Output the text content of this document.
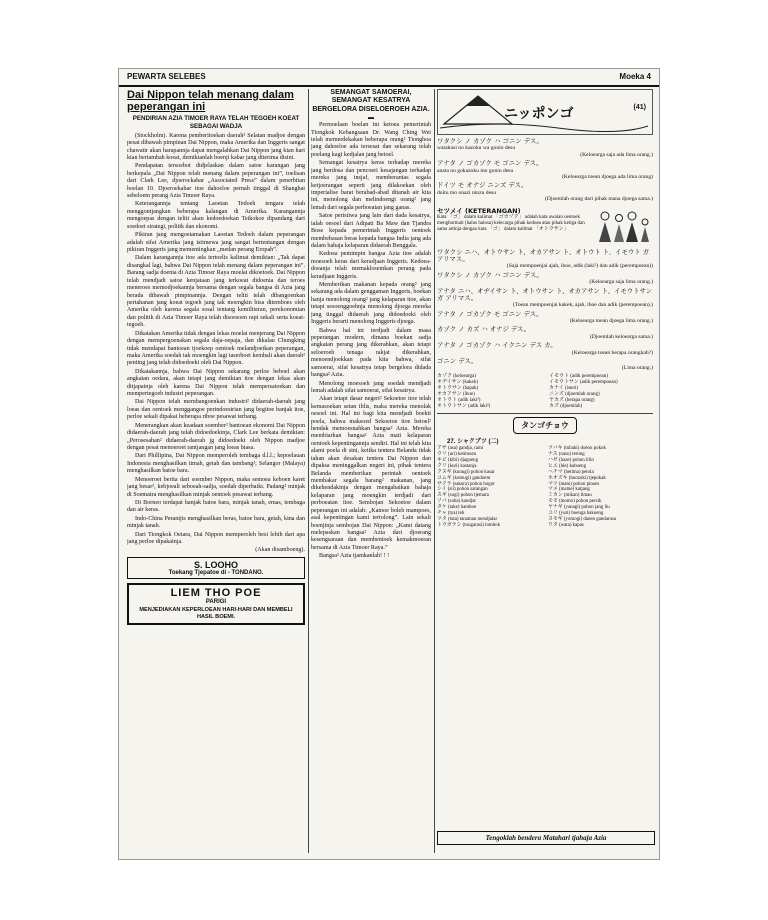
PEWARTA SELEBES	Moeka 4
Dai Nippon telah menang dalam peperangan ini
PENDIRIAN AZIA TIMOER RAYA TELAH TEGOEH KOEAT SEBAGAI WADJA

(Stockholm). Karena pemberitoekan daerah² Selatan madjoe dengan pesat dibawah pimpinan Dai Nippon, maka Amerika dan Inggeris sangat chawatir akan harapannja dapat mengalahkan Dai Nippon jang kian hari kian bertambah koeat, demikianlah boenji kabar jang diterima disini.

Pendapatan tersoebot didjelaskan dalam satoe karangan jang berkepala „Dai Nippon telah menang dalam peperangan ini”, toelisan dari Clark Lee, djoerockabar „Associated Press” dalam penerbitan boelan 10. Djoeroekabar itoe dahoeloe pernah tinggal di Shanghai sebeloem perang Azia Timoer Raya.

Keterangannja tentang Laoetan Tedoeh tengara telah menggontjangkan beberapa kalangan di Amerika. Karangannja mengoepas dengan teliti akan kedoedoekan Teikokoe dipandang dari soedoet strategi, politik dan ekonomi.

Pikiran jang mengoetamakan Laoetan Tedoeh dalam peperangan adalah sifat Amerika jang istimewa jang sangat bertentangan dengan pikiran Inggeris jang mementingkan „medan perang Eropah”.

Dalam karangannja itoe ada tertoelis kalimat demikian: „Tak dapat disangkal lagi, bahwa Dai Nippon telah menang dalam peperangan ini”. Barang sadja doenia di Azia Timoer Raya moelai dikoetoek. Dai Nippon telah mendjadi satoe kenjataan jang terkoeat didoenia dan teroes meneroes memodjoekannja bersama dengan segala bangsa di Azia jang berada dibawah pimpinannja. Dengan teliti telah dibangoenkan pertahanan jang koeat tegoeh jang tak moengkin bisa ditemboes oleh Amerika oleh karena segala sosal tentang kemiliteran, perekonomian dan politik di Azia Timoer Raya telah disoesoen rapi sekali serta koeat-tegoeh.

Dikatakan Amerika tidak dengan lekas moelai menjerang Dai Nippon dengan mempergoenakan segala daja-oepaja, dan dikalau Chungking tidak mendapat bantoean tjoekoep oentoek melandjoetkan peperangan, maka Amerika soedah tak moengkin lagi taserboet kembali akan daerah² penting jang telah didoedoeki oleh Dai Nippon.

Dikatakannja, bahwa Dai Nippon sekarang perloe beboel akan angkatan oedara, akan tetapi jang demikian itoe dengan lekas akan ditjapainja oleh karena Dai Nippon telah mempersatoekan dan mempertegoeh industri peperangan.

Dai Nippon telah membangoenkan industri² didaerah-daerah jang loeas dan oentoek menggangoe perindoestrian jang begitoe banjak itoe, perloe sekali dipakai beberapa riboe pesawat terbang.

Menerangkan akan keadaan soember² bantoean ekonomi Dai Nippon didaerah-daerah jang telah didoedoekinja, Clark Lee berkata demikian: „Perosesahan² didaerah-daerah jg didoedoeki oleh Nippon madjoe dengan pesat menoeroet rantjangan jang loeas biasa.

Dari Phillipina, Dai Nippon memperoleh tembaga d.l.l.; kepoelauan Indonesia menghasilkan timah, getah dan tambang²; Selangor (Malaya) menghasilkan batoe bara.

Menoeroet berita dari soember Nippon, maka semoea keboen karet jang besar², kebjoeali seboeah-sadja, soedah diperbaiki. Padang² minjak di Soematra menghasilkan minjak oentoek pesawat terbang.

Di Borneo terdapat banjak batoe bara, minjak tanah, emas, tembaga dan air keras.

Indo-China Perantjis menghasilkan beras, batoe bara, getah, kina dan minjak tanah.

Dari Tiongkok Oetara, Dai Nippon memperoleh besi lebih dari apa jang perloe dipakainja.

(Akan disamboeng).
S. LOOHO
Toekang Tjepatoe di - TONDANO.
LIEM THO POE
PARIGI
MENJEDIAKAN KEPERLOEAN HARI-HARI DAN MEMBELI HASIL BOEMI.
SEMANGAT SAMOERAI, SEMANGAT KESATRYA BERGELORA DISELOEROEH AZIA.
▬

Permoelaan boelan ini ketoea pemerintah Tiongkok Kebangsaan Dr. Wang Ching Wei telah memerdekakan beberapa orang² Tionghoa jang dahoeloe ada tersesat dan sekarang telah poelang kagi kedjalan jang betoel.

Semangat kesatrya keras terhadap mereka jang berdosa dan pencoeri kesajangan terhadap mereka jang insjaf, memberantas segala ketjoerangan seperti jang dilakoekan oleh imperialise barat berabad-abad ditanah air kita ini, menolong dan melindoengi orang² jang lemah dari segala perboeatan jang ganas.

Satoe peristiwa jang lain dari dada kesatrya, ialah oesoel dari Adipati Ba Maw dan Tjandra Bose kepada pemerintah Inggeris oentoek membebasan beras kepada bangsa India jang ada dalam bahaja kelaparan didaerah Benggala.

Kedoea pemimpin bangsa Azia itoe adalah moesoeh keras dari keradjaan Inggeris. Kedoea-doeanja telah memaklosemkan perang pada keradjaan Inggeris.

Memberikan makanan kepada orang² jang sekarang ada dalam genggaman Inggeris, boekan hanja menolong orang² jang kelaparan itoe, akan tetapi sesoenggoehnja menolong djoega mereka jang tinggal didaerah jang didoedoeki oleh Inggeris berarti menolong Inggeris djoega.

Bahwa hal ini terdjadi dalam masa peperangan modern, dimana boekan sadja angkatan perang jang dikerahkan, akan tetapi seloeroeh tenaga rakjat dikerahkan, menoendjoekkan pada kita bahwa, sifat samoerai, sifat kesatrya tetap bergelora didada bangsa² Azia.

Menolong moesoeh jang soedah mendjadi lemah adalah sifat samoerai, sifat kesatrya.

Akan tetapi dasar negeri² Sekoetoe itoe telah kemasoekan setan iblis, maka mereka menolak oesoel ini. Hal ini bagi kita mendjadi boekti poela, bahwa maksoed Sekoetoe itoe betoel² hendak memoesnahkan bangsa² Azia. Mereka membiarkan bangsa² Azia mati kelaparan oentoek kepentingannja sendiri. Hal ini telah kita alami poela di sini, ketika tentera Belanda tidak tahan akan desakan tentera Dai Nippon dan dipaksa meninggalkan negeri ini, pihak tentera Belanda memberikan perintah oentoek membakar segala barang² makanan, jang dikehendakinja dengan mengabaikan bahaja kelaparan jang moengkin terdjadi dari perboeatan itoe. Sembojan Sekoetoe dalam peperangan ini adalah: „Kamoe boleh mampoes, asal kepentingan kami tertolong”. Lain sekali boenjinja sembojan Dai Nippon: „Kami datang melepaskan bangsa² Azia dari djoerang kesengsaraan dan membentoek kemakmoeran bersama di Azia Timoer Raya.”

Bangsa² Azia tjamkanlah! ! !

ニッポンゴ	(41)
ワタクシ ノ カゾク ハ ゴニン デス。
watakusi no kazoku wa gonin desu
(Keloearga saja ada lima orang.)
アナタ ノ ゴカゾク モ ゴニン デス。
anata no gokazoku mo gonin desu
(Keloearga toean djoega ada lima orang)
ドイツ モ オナジ ニンズ デス。
doitu mo onazi ninzu desu
(Djoemlah orang dari pihak mana djoega sama.)
セツメイ (KETERANGAN)
Kata 「ゴ」 dalam kalimat 「ゴカゾク」 adalah kata awalan oentoek menghormati (halus halosa) kelecarga pihak kedoea atau pihak ketiga dan sama artinja dengan kata 「ゴ」 dalam kalimat 「オトウサン」
ワタクシ ニハ、オトウサン ト、オカアサン ト、オトウト ト、イモウト ガ アリマス。
(Saja mempoenjai ajah, iboe, adik (laki²) dan adik (perempoean))
ワタクシ ノ カゾク ハ ゴニン デス。
(Keloearga saja lima orang.)
アナタ ニハ、オヂイサン ト、オトウサン ト、オカアサン ト、イモウトサン ガ アリマス。
(Toean mempoenjai kakek, ajah, iboe dan adik (perempoean).)
アナタ ノ ゴカゾク モ ゴニン デス。
(Keloearga toean djoega lima orang.)
カゾク ノ カズ ハ オナジ デス。
(Djoemlah keloearga sama.)
アナタ ノ ゴカゾク ハ イクニン デス カ。
(Keloearga toean berapa orangkah?)
ゴニン デス。
(Lima orang.)
カゾク (keloearga)	イモウト (adik perempoean)
オヂイサン (kakek)	イモウトサン (adik perempoean)
オトウサン (bapak)	カナイ (isteri)
オカアサン (iboe)	ニンズ (djoemlah orang)
オトウト (adik laki²)	ヤカズ (berapa orang)
オトウトサン (adik laki²)	カズ (djoemlah)
タンゴチョウ
27. シャクブツ (二)
アサ (asa) gandja, rami	ツバキ (tubaki) doeon pokok
ウリ (uri) ketimoen	ナス (nasu) terong
キビ (kibi) djagoeng	ハゼ (haze) pohon lilin
クリ (kuri) kastanja	ヒエ (hie) kaboeng
クヌギ (kunugi) pohon kasar	ヘチマ (hetima) petola
コムギ (komugi) gandoem	ホオズキ (hoozuki) tjepokak
サクラ (sakura) pohon bogor	マツ (matu) pohon pinoes
シイ (sii) pohon sarangan	マメ (mame) katjang
スギ (sugi) pohon tjemara	ミカン (mikan) limau
ソバ (soba) kandjat	モモ (momo) pohon persik
タケ (take) bamboe	ヤナギ (yanagi) pohon jang liu
チャ (tya) teh	ユリ (yuri) boenga bakoeng
ツタ (tuta) tanaman mendjalar	ヨモギ (yomogi) daoen gandarusa
トウガラシ (tougarasi) lombok	ワタ (wata) kapas
Tengoklah bendera Matahari tjahaja Azia
